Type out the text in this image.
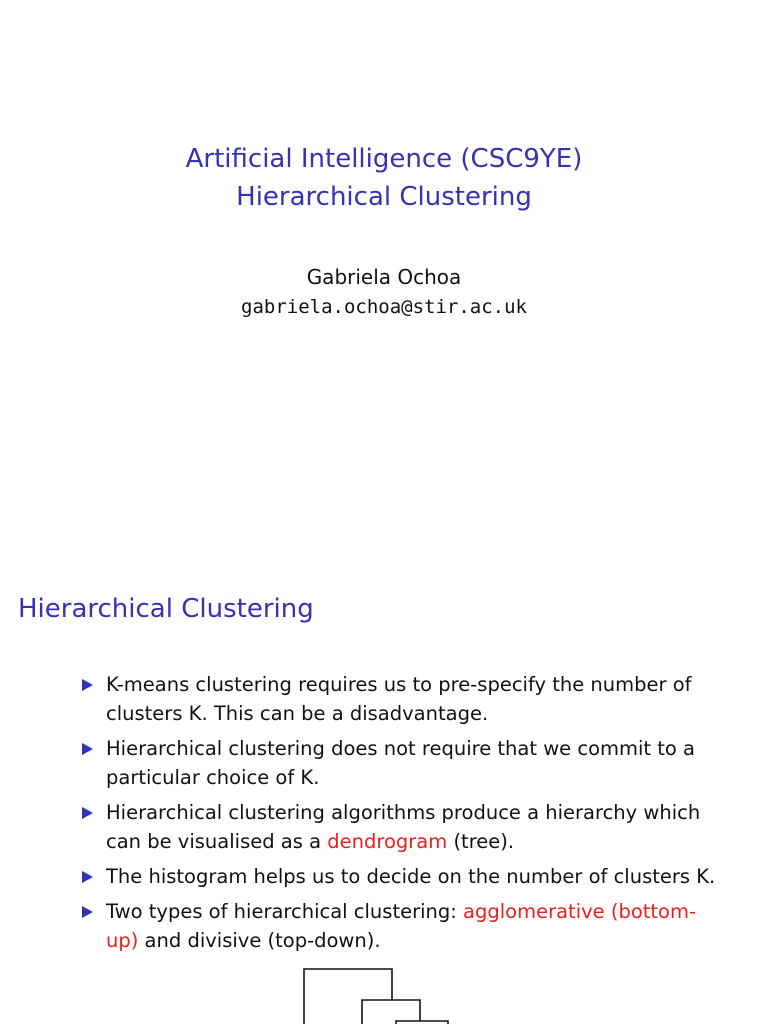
Artificial Intelligence (CSC9YE)
Hierarchical Clustering
Gabriela Ochoa
gabriela.ochoa@stir.ac.uk
Hierarchical Clustering
K-means clustering requires us to pre-specify the number of clusters K. This can be a disadvantage.
Hierarchical clustering does not require that we commit to a particular choice of K.
Hierarchical clustering algorithms produce a hierarchy which can be visualised as a dendrogram (tree).
The histogram helps us to decide on the number of clusters K.
Two types of hierarchical clustering: agglomerative (bottom-up) and divisive (top-down).
